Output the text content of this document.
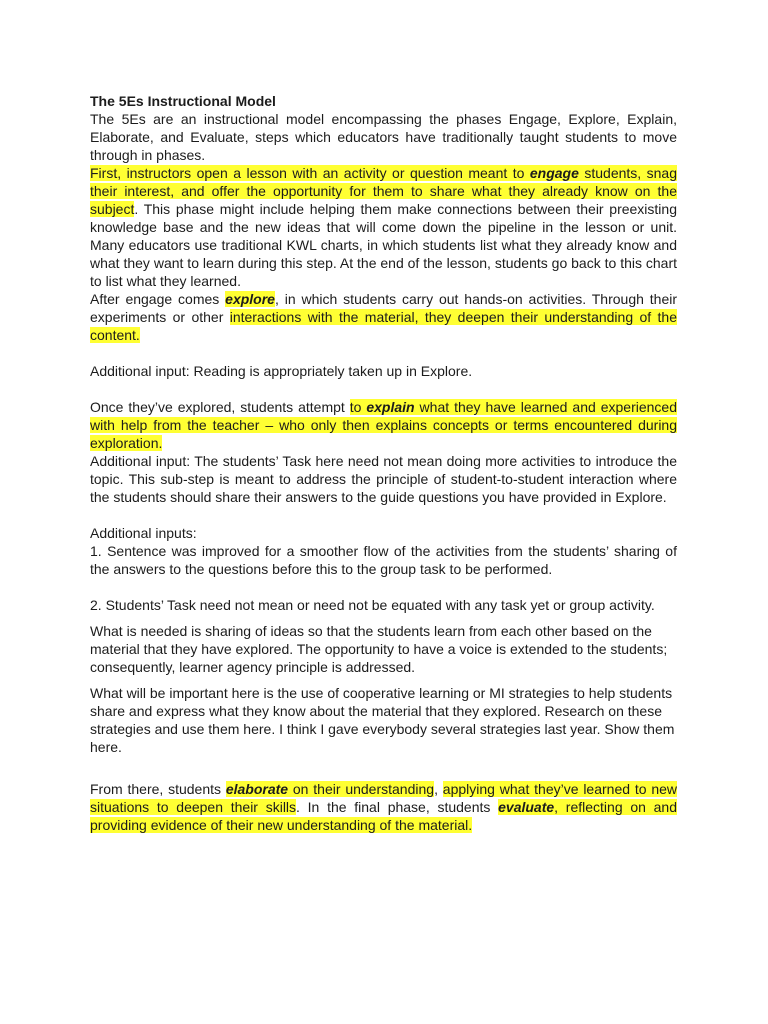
The 5Es Instructional Model

The 5Es are an instructional model encompassing the phases Engage, Explore, Explain, Elaborate, and Evaluate, steps which educators have traditionally taught students to move through in phases.

First, instructors open a lesson with an activity or question meant to engage students, snag their interest, and offer the opportunity for them to share what they already know on the subject. This phase might include helping them make connections between their preexisting knowledge base and the new ideas that will come down the pipeline in the lesson or unit. Many educators use traditional KWL charts, in which students list what they already know and what they want to learn during this step. At the end of the lesson, students go back to this chart to list what they learned.

After engage comes explore, in which students carry out hands-on activities. Through their experiments or other interactions with the material, they deepen their understanding of the content.

Additional input: Reading is appropriately taken up in Explore.

Once they’ve explored, students attempt to explain what they have learned and experienced with help from the teacher – who only then explains concepts or terms encountered during exploration.

Additional input: The students’ Task here need not mean doing more activities to introduce the topic. This sub-step is meant to address the principle of student-to-student interaction where the students should share their answers to the guide questions you have provided in Explore.

Additional inputs:

1. Sentence was improved for a smoother flow of the activities from the students’ sharing of the answers to the questions before this to the group task to be performed.

2. Students’ Task need not mean or need not be equated with any task yet or group activity.

What is needed is sharing of ideas so that the students learn from each other based on the material that they have explored. The opportunity to have a voice is extended to the students; consequently, learner agency principle is addressed.

What will be important here is the use of cooperative learning or MI strategies to help students share and express what they know about the material that they explored. Research on these strategies and use them here. I think I gave everybody several strategies last year. Show them here.

From there, students elaborate on their understanding, applying what they’ve learned to new situations to deepen their skills. In the final phase, students evaluate, reflecting on and providing evidence of their new understanding of the material.
